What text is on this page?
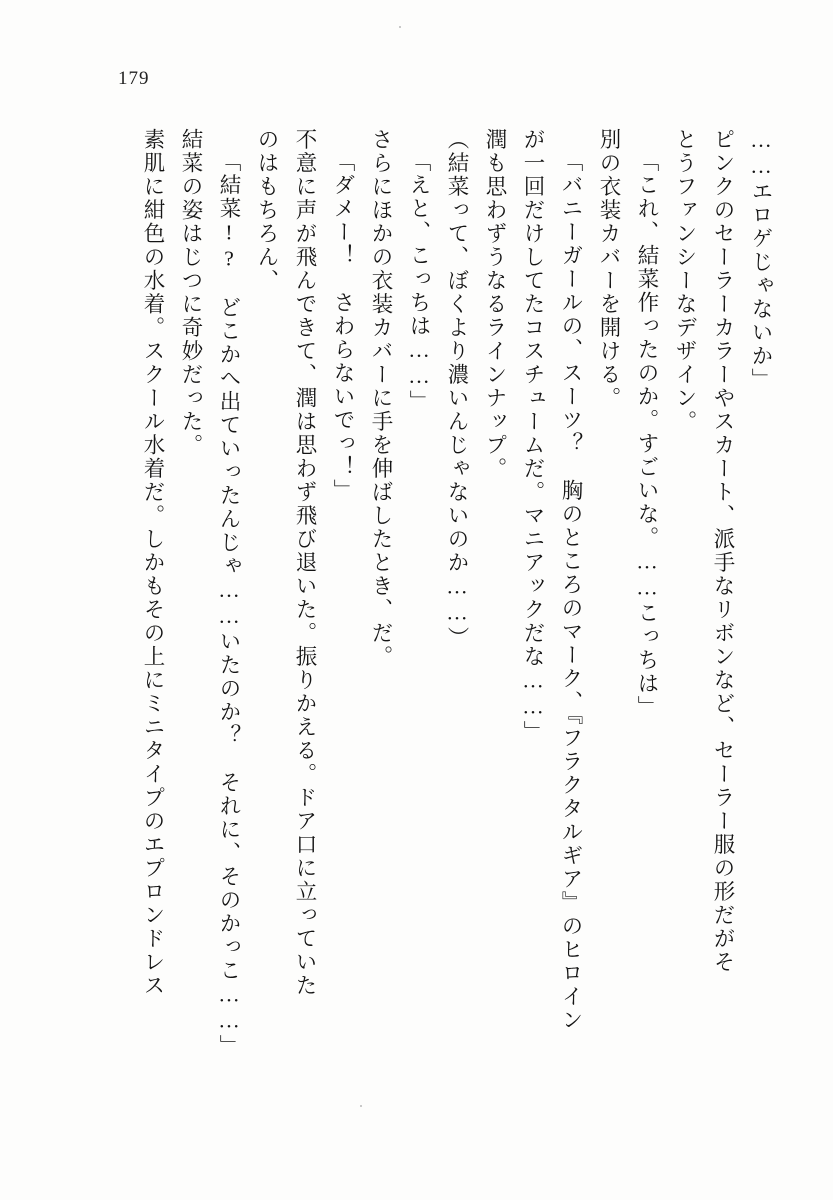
179
……エロゲじゃないか」
ピンクのセーラーカラーやスカート、派手なリボンなど、セーラー服の形だがそ
とうファンシーなデザイン。
「これ、結菜作ったのか。すごいな。……こっちは」
別の衣装カバーを開ける。
「バニーガールの、スーツ？　胸のところのマーク、『フラクタルギア』のヒロイン
が一回だけしてたコスチュームだ。マニアックだな……」
潤も思わずうなるラインナップ。
（結菜って、ぼくより濃いんじゃないのか……）
「えと、こっちは……」
さらにほかの衣装カバーに手を伸ばしたとき、だ。
「ダメー！　さわらないでっ！」
不意に声が飛んできて、潤は思わず飛び退いた。振りかえる。ドア口に立っていた
のはもちろん、
「結菜!?　どこかへ出ていったんじゃ……いたのか？　それに、そのかっこ……」
結菜の姿はじつに奇妙だった。
素肌に紺色の水着。スクール水着だ。しかもその上にミニタイプのエプロンドレス
